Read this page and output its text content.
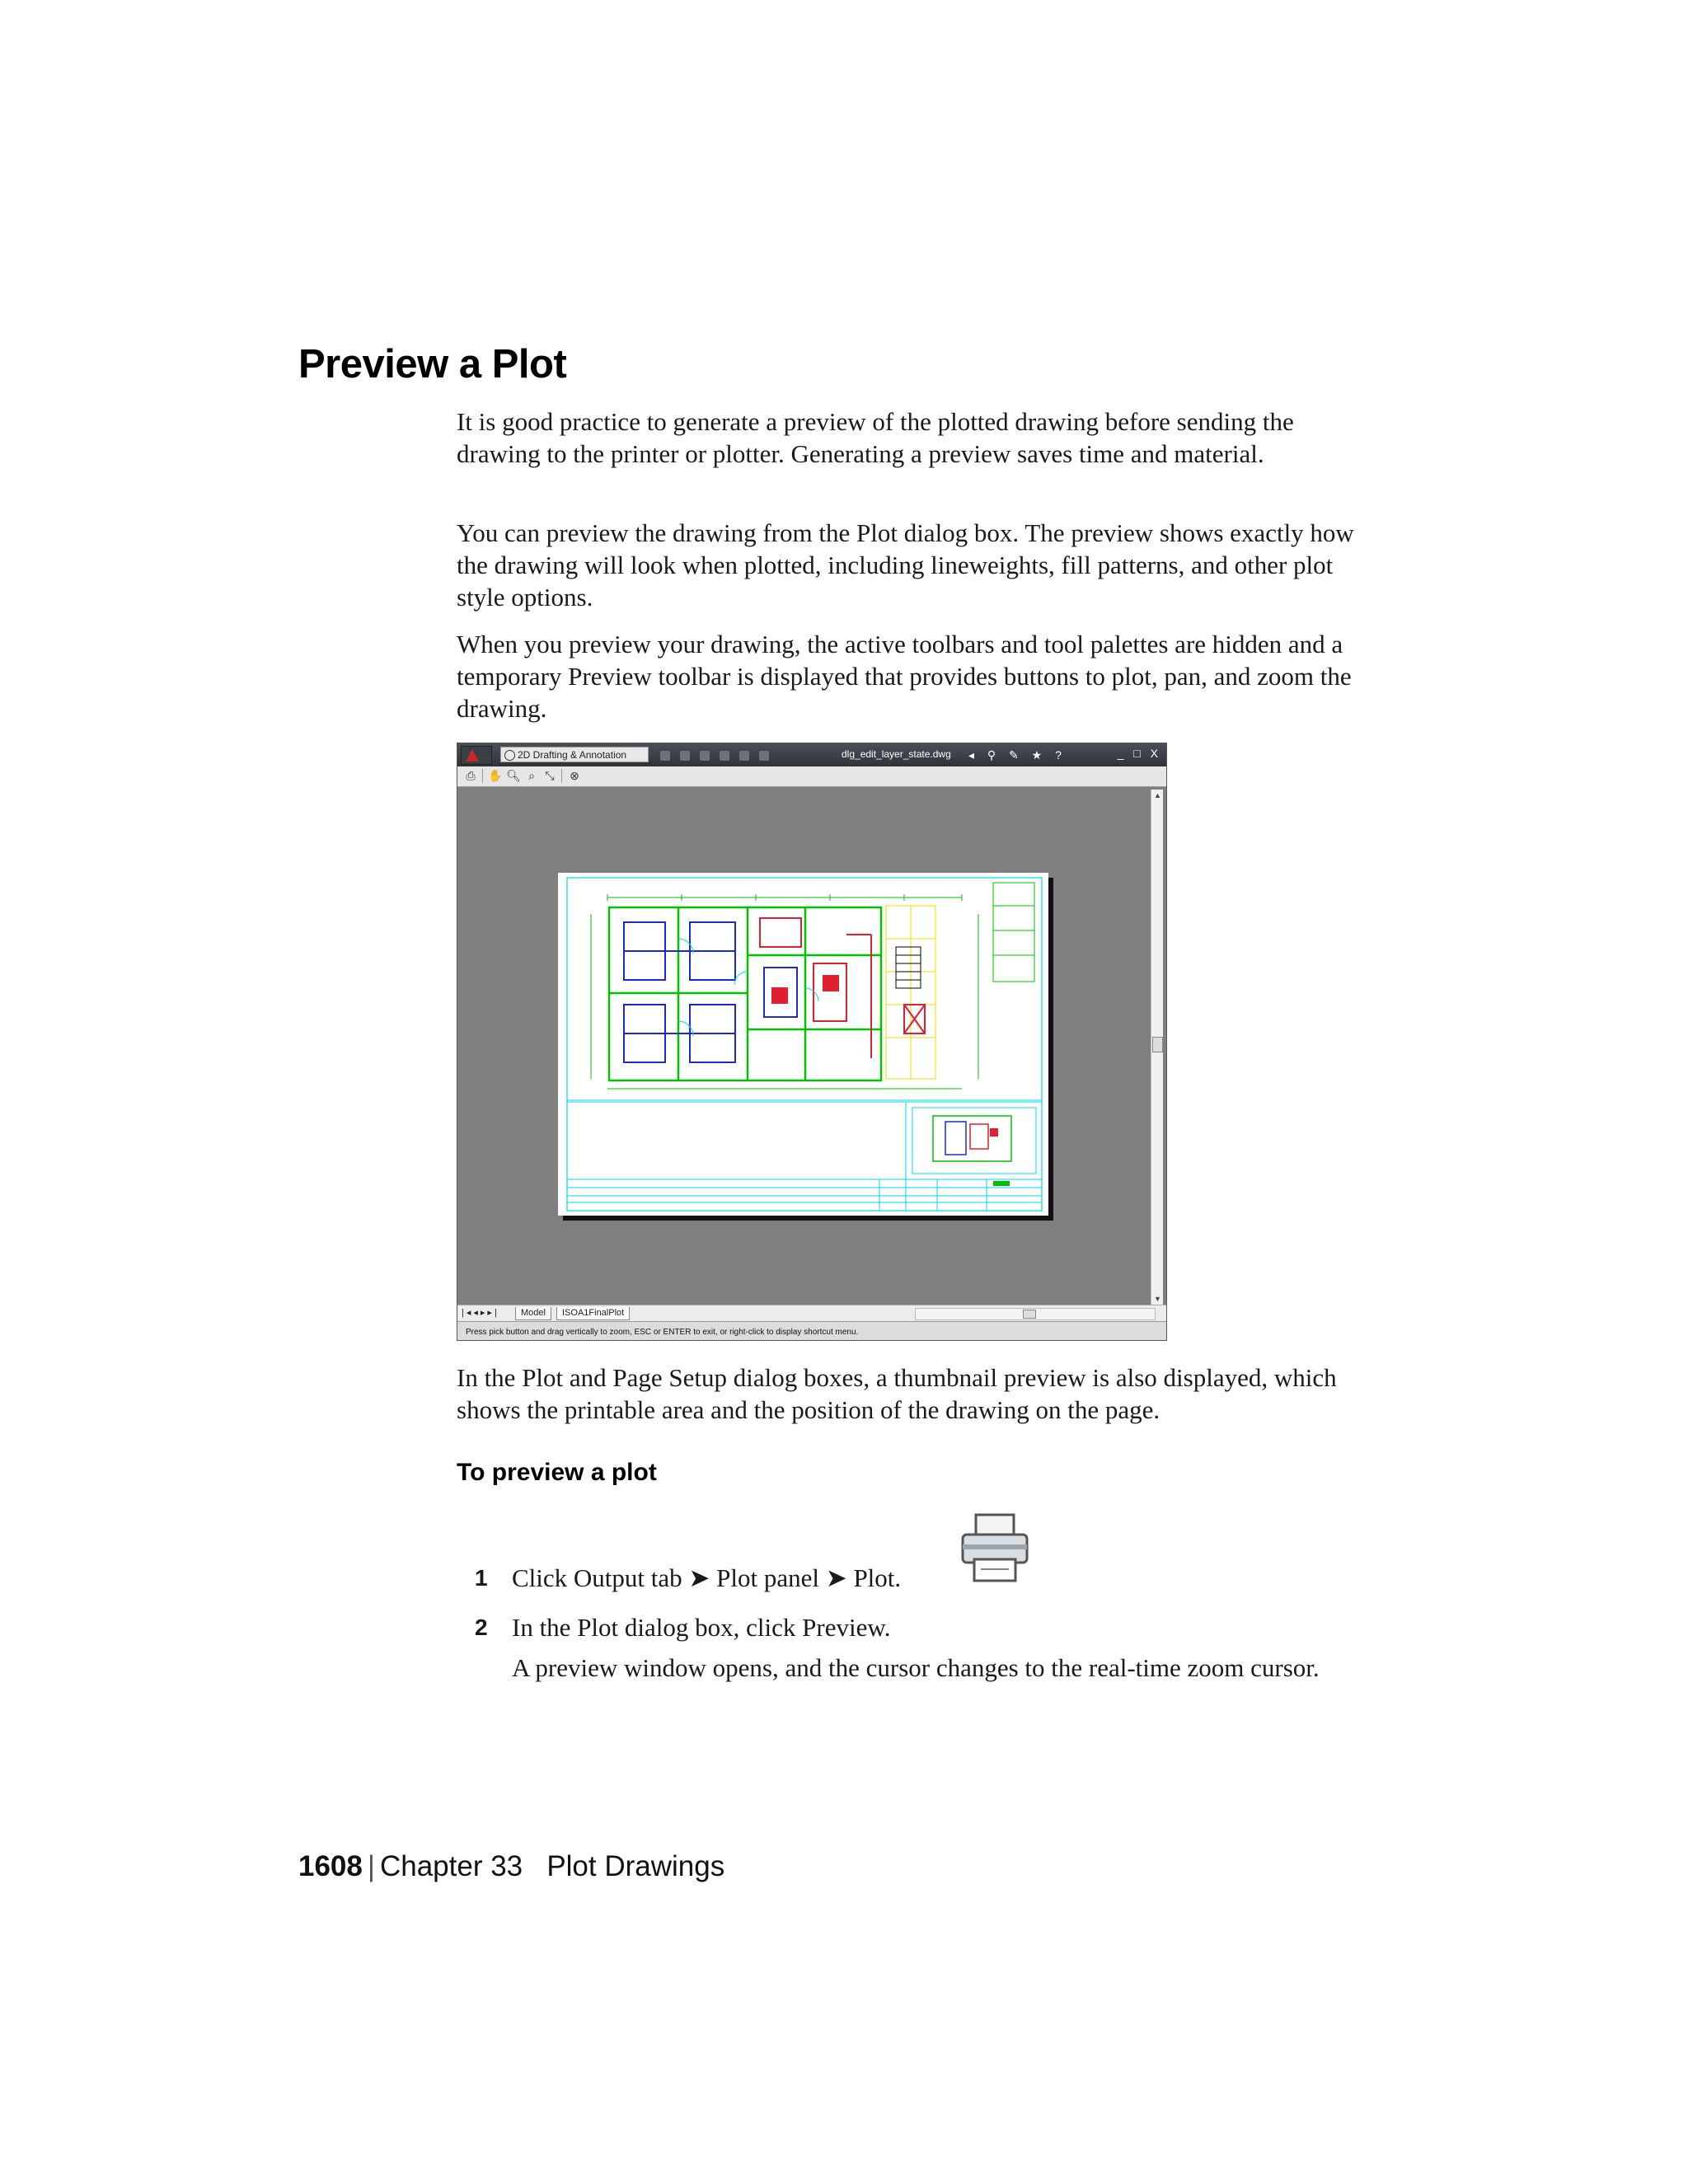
Preview a Plot

It is good practice to generate a preview of the plotted drawing before sending the drawing to the printer or plotter. Generating a preview saves time and material.

You can preview the drawing from the Plot dialog box. The preview shows exactly how the drawing will look when plotted, including lineweights, fill patterns, and other plot style options.

When you preview your drawing, the active toolbars and tool palettes are hidden and a temporary Preview toolbar is displayed that provides buttons to plot, pan, and zoom the drawing.

2D Drafting & Annotation	dlg_edit_layer_state.dwg ◂ ⚲ ✎ ★ ?	_ □ X
⎙	✋ 🔍︎ ⌕ ⤡	⊗
▲
▼
|◂◂▸▸|	Model	ISOA1FinalPlot
Press pick button and drag vertically to zoom, ESC or ENTER to exit, or right-click to display shortcut menu.

In the Plot and Page Setup dialog boxes, a thumbnail preview is also displayed, which shows the printable area and the position of the drawing on the page.

To preview a plot
1 Click Output tab ➤ Plot panel ➤ Plot.
2 In the Plot dialog box, click Preview.

A preview window opens, and the cursor changes to the real-time zoom cursor.

1608 | Chapter 33   Plot Drawings
